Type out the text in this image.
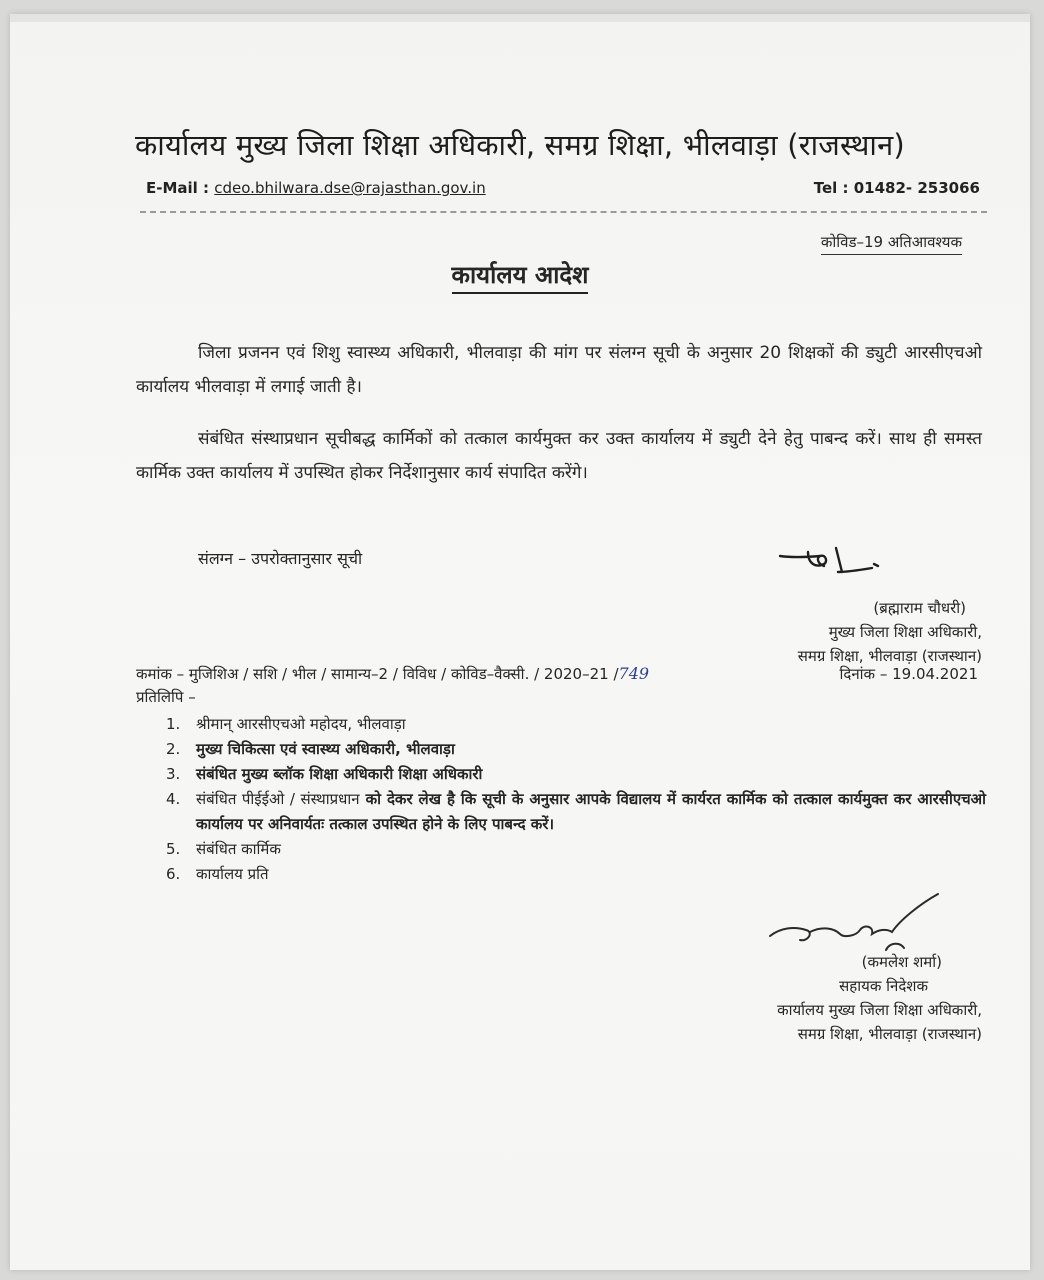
कार्यालय मुख्य जिला शिक्षा अधिकारी, समग्र शिक्षा, भीलवाड़ा (राजस्थान)
E-Mail : cdeo.bhilwara.dse@rajasthan.gov.in	Tel : 01482- 253066
कोविड–19 अतिआवश्यक
कार्यालय आदेश
जिला प्रजनन एवं शिशु स्वास्थ्य अधिकारी, भीलवाड़ा की मांग पर संलग्न सूची के अनुसार 20 शिक्षकों की ड्युटी आरसीएचओ कार्यालय भीलवाड़ा में लगाई जाती है।
संबंधित संस्थाप्रधान सूचीबद्ध कार्मिकों को तत्काल कार्यमुक्त कर उक्त कार्यालय में ड्युटी देने हेतु पाबन्द करें। साथ ही समस्त कार्मिक उक्त कार्यालय में उपस्थित होकर निर्देशानुसार कार्य संपादित करेंगे।
संलग्न – उपरोक्तानुसार सूची
(ब्रह्माराम चौधरी)
मुख्य जिला शिक्षा अधिकारी,
समग्र शिक्षा, भीलवाड़ा (राजस्थान)
कमांक – मुजिशिअ / सशि / भील / सामान्य–2 / विविध / कोविड–वैक्सी. / 2020–21 /749	दिनांक – 19.04.2021
प्रतिलिपि –
1. श्रीमान् आरसीएचओ महोदय, भीलवाड़ा
2. मुख्य चिकित्सा एवं स्वास्थ्य अधिकारी, भीलवाड़ा
3. संबंधित मुख्य ब्लॉक शिक्षा अधिकारी शिक्षा अधिकारी
4. संबंधित पीईईओ / संस्थाप्रधान को देकर लेख है कि सूची के अनुसार आपके विद्यालय में कार्यरत कार्मिक को तत्काल कार्यमुक्त कर आरसीएचओ कार्यालय पर अनिवार्यतः तत्काल उपस्थित होने के लिए पाबन्द करें।
5. संबंधित कार्मिक
6. कार्यालय प्रति
(कमलेश शर्मा)
सहायक निदेशक
कार्यालय मुख्य जिला शिक्षा अधिकारी,
समग्र शिक्षा, भीलवाड़ा (राजस्थान)
